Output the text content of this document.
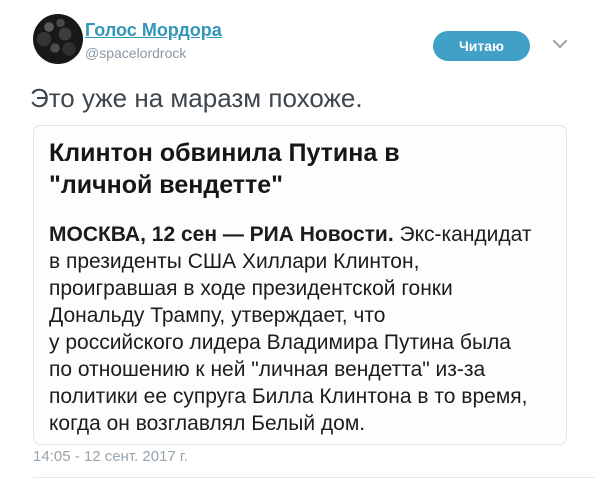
Голос Мордора
@spacelordrock	Читаю

Это уже на маразм похоже.

Клинтон обвинила Путина в
"личной вендетте"
МОСКВА, 12 сен — РИА Новости. Экс-кандидат
в президенты США Хиллари Клинтон,
проигравшая в ходе президентской гонки
Дональду Трампу, утверждает, что
у российского лидера Владимира Путина была
по отношению к ней "личная вендетта" из-за
политики ее супруга Билла Клинтона в то время,
когда он возглавлял Белый дом.
14:05 - 12 сент. 2017 г.
